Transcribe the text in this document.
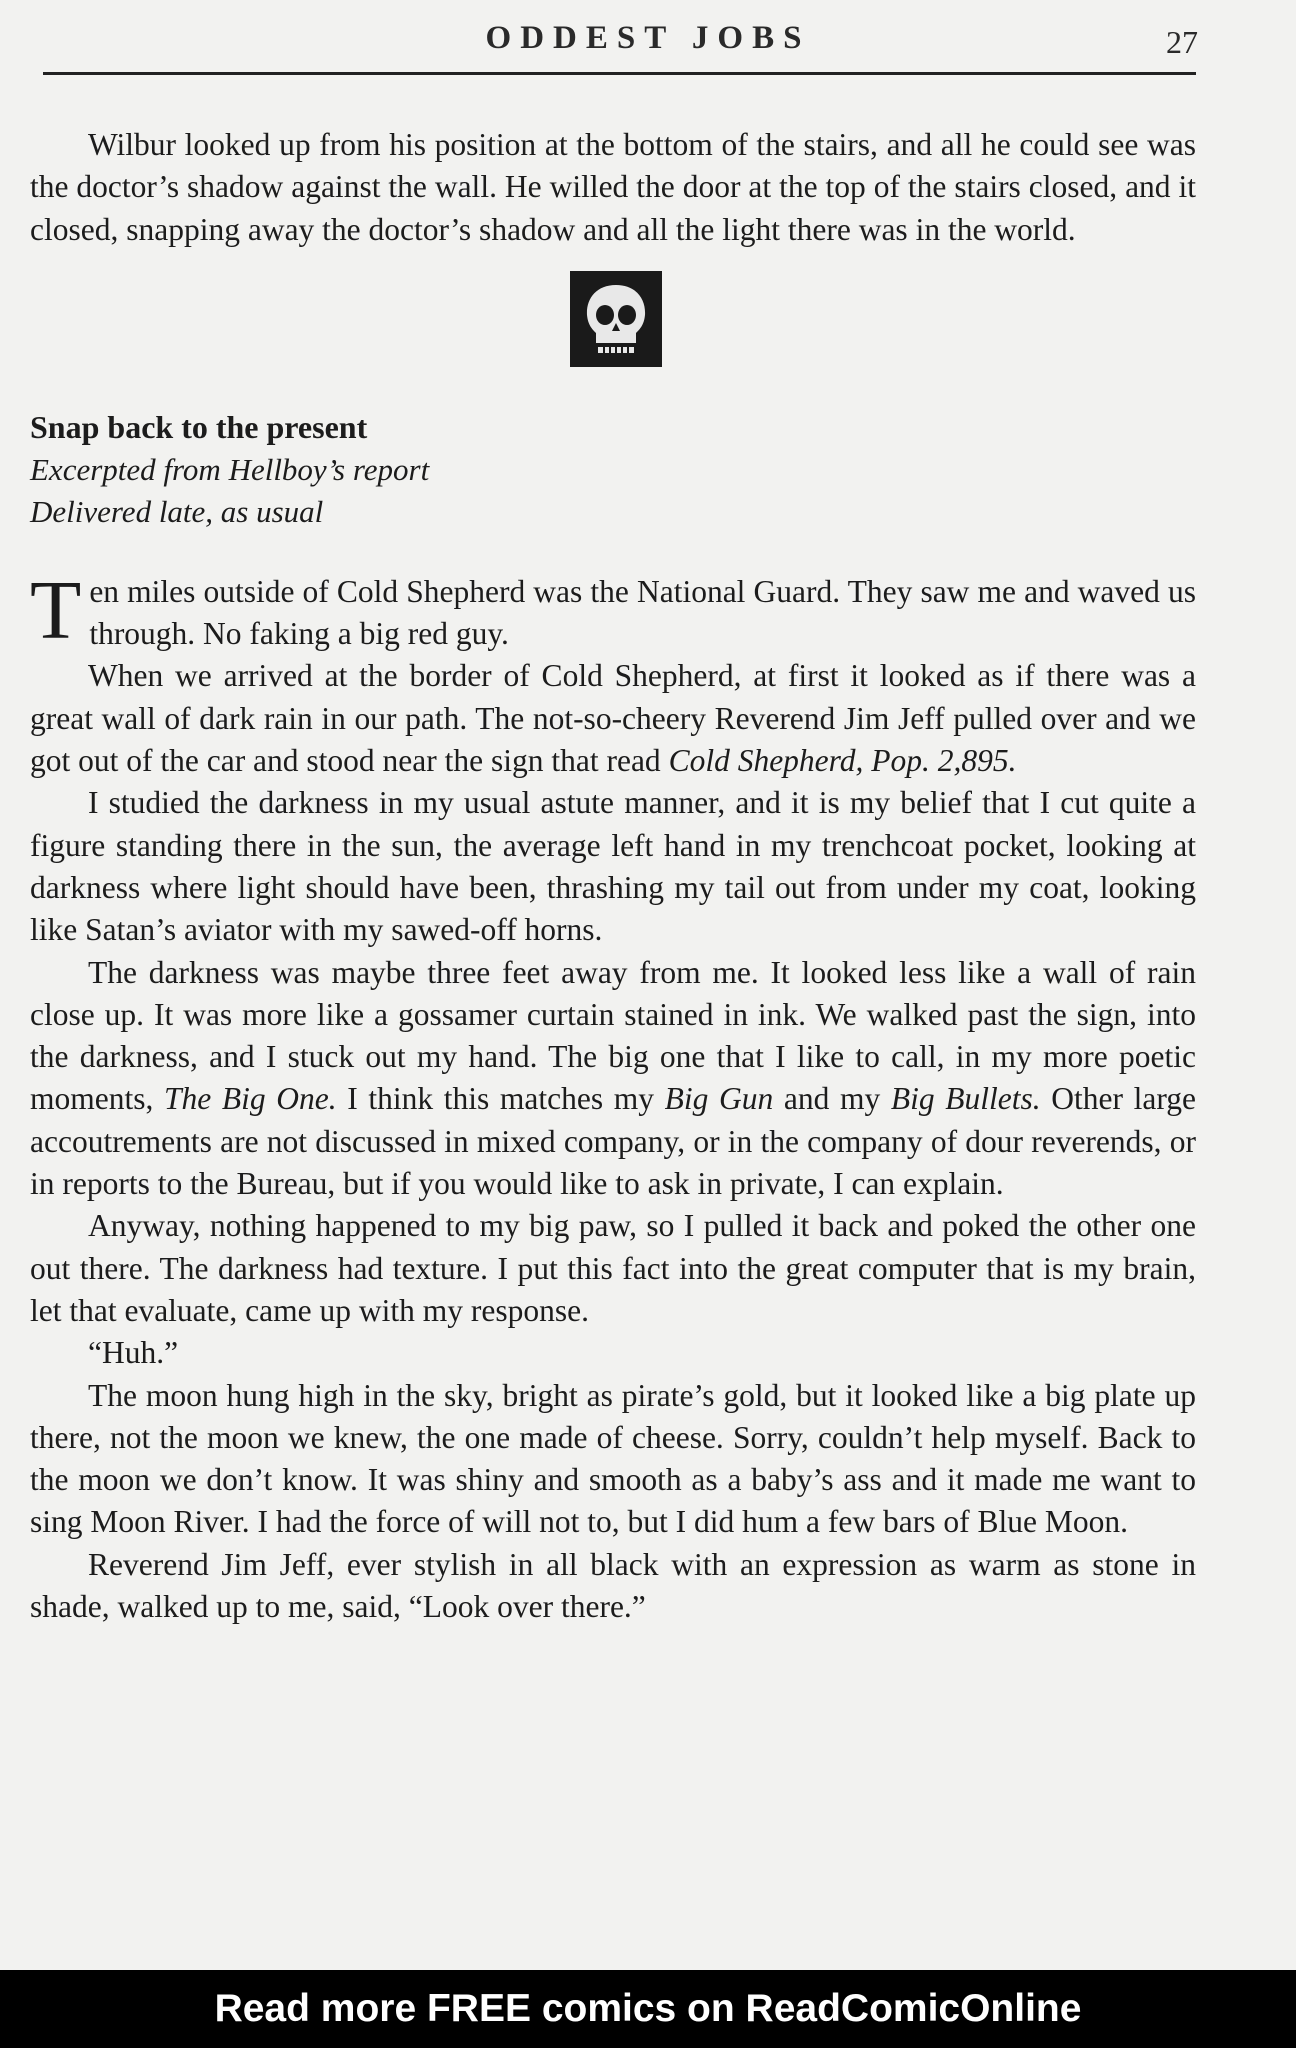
ODDEST JOBS	27

Wilbur looked up from his position at the bottom of the stairs, and all he could see was the doctor’s shadow against the wall. He willed the door at the top of the stairs closed, and it closed, snapping away the doctor’s shadow and all the light there was in the world.

Snap back to the present
Excerpted from Hellboy’s report
Delivered late, as usual

Ten miles outside of Cold Shepherd was the National Guard. They saw me and waved us through. No faking a big red guy.

When we arrived at the border of Cold Shepherd, at first it looked as if there was a great wall of dark rain in our path. The not-so-cheery Reverend Jim Jeff pulled over and we got out of the car and stood near the sign that read Cold Shepherd, Pop. 2,895.

I studied the darkness in my usual astute manner, and it is my belief that I cut quite a figure standing there in the sun, the average left hand in my trenchcoat pocket, looking at darkness where light should have been, thrashing my tail out from under my coat, looking like Satan’s aviator with my sawed-off horns.

The darkness was maybe three feet away from me. It looked less like a wall of rain close up. It was more like a gossamer curtain stained in ink. We walked past the sign, into the darkness, and I stuck out my hand. The big one that I like to call, in my more poetic moments, The Big One. I think this matches my Big Gun and my Big Bullets. Other large accoutrements are not discussed in mixed company, or in the company of dour reverends, or in reports to the Bureau, but if you would like to ask in private, I can explain.

Anyway, nothing happened to my big paw, so I pulled it back and poked the other one out there. The darkness had texture. I put this fact into the great computer that is my brain, let that evaluate, came up with my response.

“Huh.”

The moon hung high in the sky, bright as pirate’s gold, but it looked like a big plate up there, not the moon we knew, the one made of cheese. Sorry, couldn’t help myself. Back to the moon we don’t know. It was shiny and smooth as a baby’s ass and it made me want to sing Moon River. I had the force of will not to, but I did hum a few bars of Blue Moon.

Reverend Jim Jeff, ever stylish in all black with an expression as warm as stone in shade, walked up to me, said, “Look over there.”

Read more FREE comics on ReadComicOnline
